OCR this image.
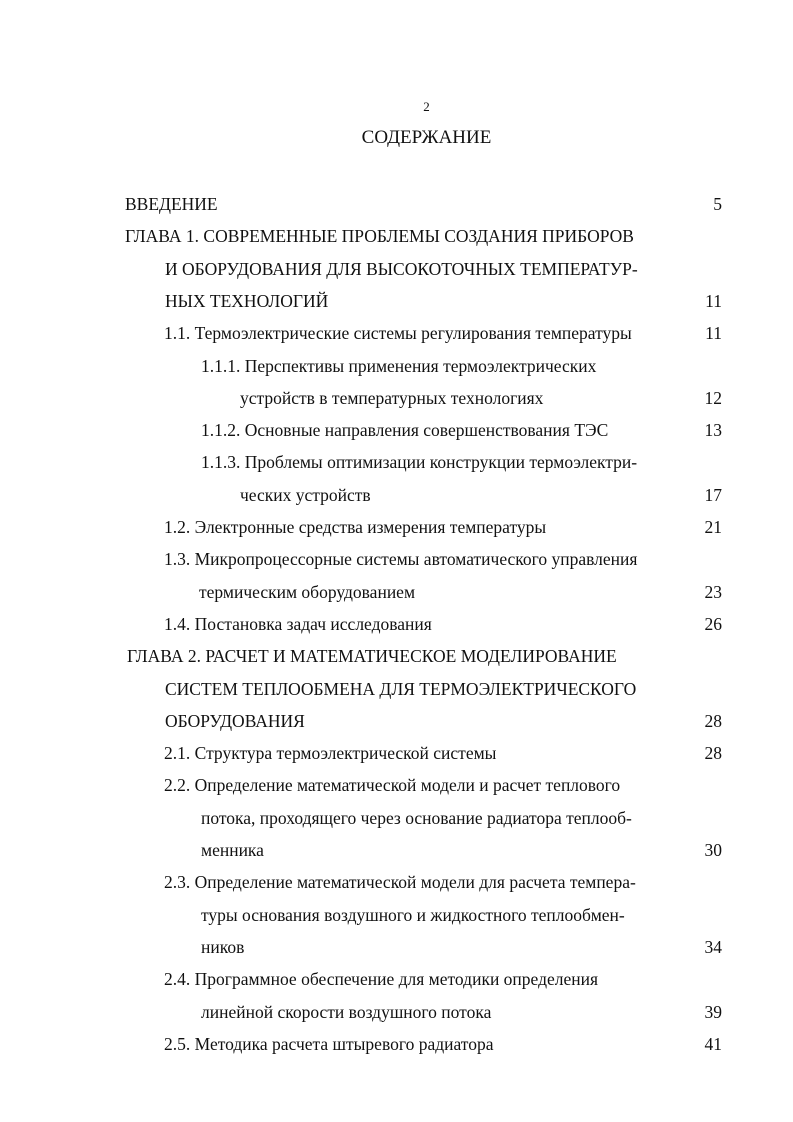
2
СОДЕРЖАНИЕ
ВВЕДЕНИЕ	5
ГЛАВА 1. СОВРЕМЕННЫЕ ПРОБЛЕМЫ СОЗДАНИЯ ПРИБОРОВ
И ОБОРУДОВАНИЯ ДЛЯ ВЫСОКОТОЧНЫХ ТЕМПЕРАТУР-
НЫХ ТЕХНОЛОГИЙ	11
1.1. Термоэлектрические системы регулирования температуры	11
1.1.1. Перспективы применения термоэлектрических
устройств в температурных технологиях	12
1.1.2. Основные направления совершенствования ТЭС	13
1.1.3. Проблемы оптимизации конструкции термоэлектри-
ческих устройств	17
1.2. Электронные средства измерения температуры	21
1.3. Микропроцессорные системы автоматического управления
термическим оборудованием	23
1.4. Постановка задач исследования	26
ГЛАВА 2. РАСЧЕТ И МАТЕМАТИЧЕСКОЕ МОДЕЛИРОВАНИЕ
СИСТЕМ ТЕПЛООБМЕНА ДЛЯ ТЕРМОЭЛЕКТРИЧЕСКОГО
ОБОРУДОВАНИЯ	28
2.1. Структура термоэлектрической системы	28
2.2. Определение математической модели и расчет теплового
потока, проходящего через основание радиатора теплооб-
менника	30
2.3. Определение математической модели для расчета темпера-
туры основания воздушного и жидкостного теплообмен-
ников	34
2.4. Программное обеспечение для методики определения
линейной скорости воздушного потока	39
2.5. Методика расчета штыревого радиатора	41
